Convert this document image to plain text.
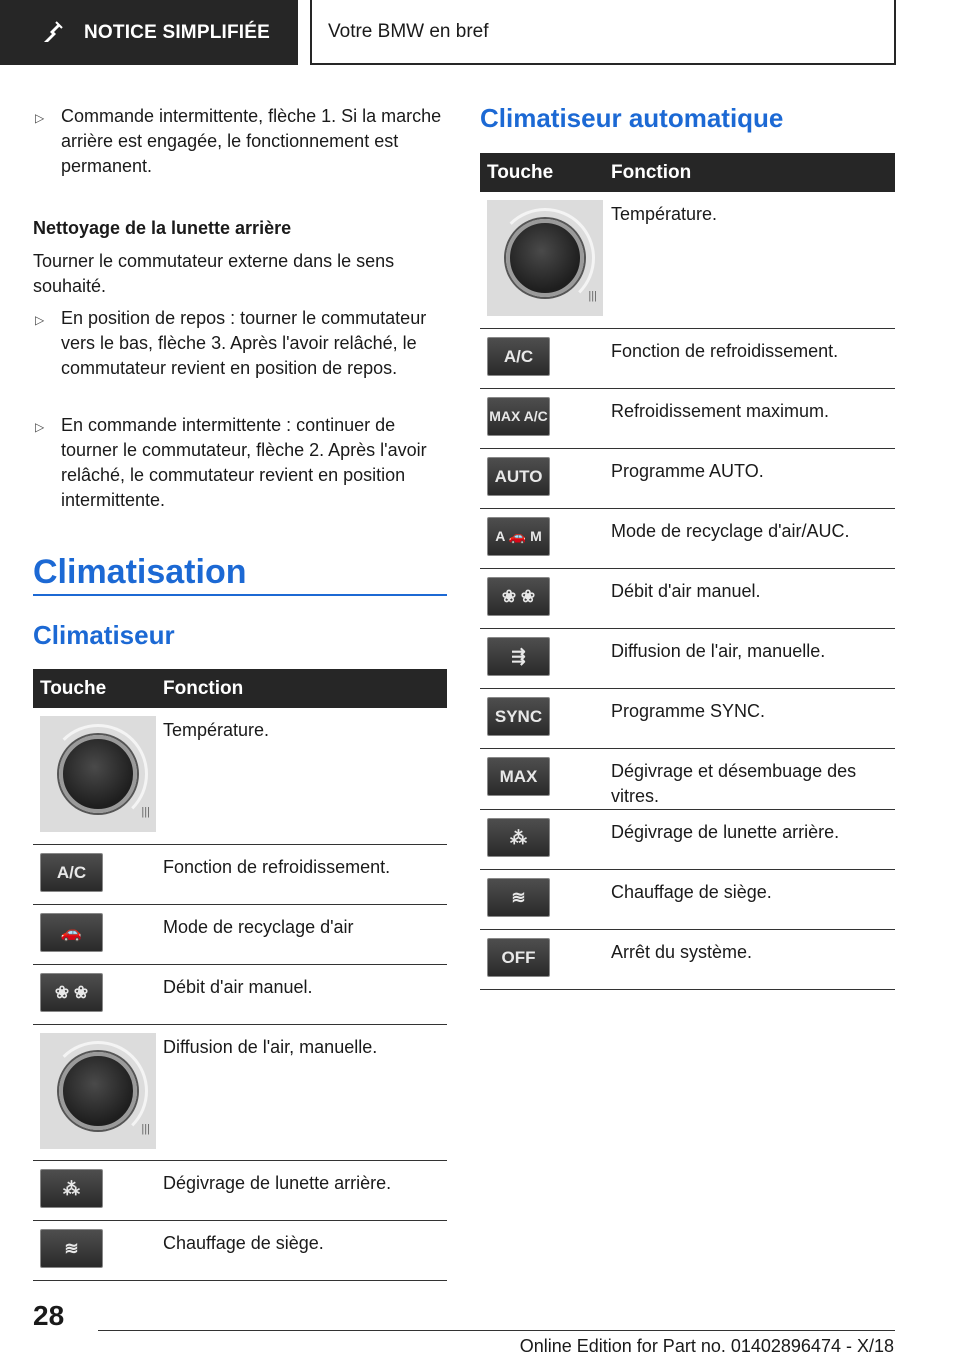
NOTICE SIMPLIFIÉE	Votre BMW en bref
▷ Commande intermittente, flèche 1. Si la marche arrière est engagée, le fonctionnement est permanent.
Nettoyage de la lunette arrière

Tourner le commutateur externe dans le sens souhaité.

▷ En position de repos : tourner le commutateur vers le bas, flèche 3. Après l'avoir relâché, le commutateur revient en position de repos.
▷ En commande intermittente : continuer de tourner le commutateur, flèche 2. Après l'avoir relâché, le commutateur revient en position intermittente.
Climatisation
Climatiseur
Touche	Fonction

|||	Température.

A/C	Fonction de refroidissement.

🚗	Mode de recyclage d'air

❀ ❀	Débit d'air manuel.

|||	Diffusion de l'air, manuelle.

⁂	Dégivrage de lunette arrière.

≋	Chauffage de siège.
Climatiseur automatique
Touche	Fonction

|||	Température.

A/C	Fonction de refroidissement.

MAX A/C	Refroidissement maximum.

AUTO	Programme AUTO.

A 🚗 M	Mode de recyclage d'air/AUC.

❀ ❀	Débit d'air manuel.

⇶	Diffusion de l'air, manuelle.

SYNC	Programme SYNC.

MAX	Dégivrage et désembuage des vitres.

⁂	Dégivrage de lunette arrière.

≋	Chauffage de siège.

OFF	Arrêt du système.
28
Online Edition for Part no. 01402896474 - X/18
